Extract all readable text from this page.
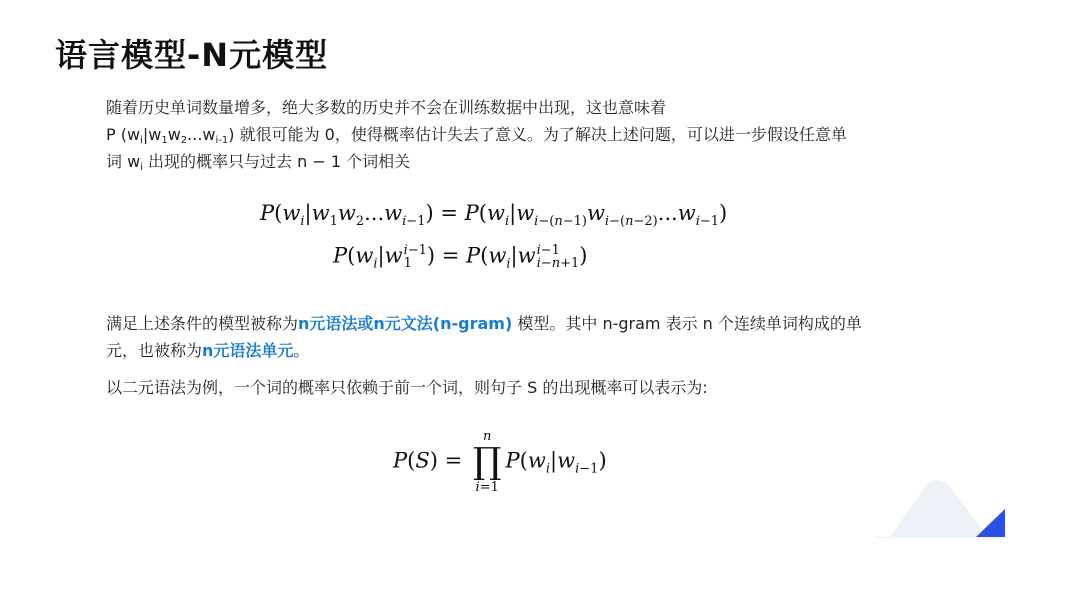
语言模型-N元模型
随着历史单词数量增多，绝大多数的历史并不会在训练数据中出现，这也意味着
P $(w_i|w_1w_2...w_{i-1})$ 就很可能为 0，使得概率估计失去了意义。为了解决上述问题，可以进一步假设任意单
词 $w_i$ 出现的概率只与过去 n − 1 个词相关
$P(w_i|w_1w_2...w_{i-1}) = P(w_i|w_{i-(n-1)}w_{i-(n-2)}...w_{i-1})$
$P(w_i|w$ i−1
1 ) = $P(w_i|w$ i−1
i−n+1 )
满足上述条件的模型被称为n元语法或n元文法(n-gram) 模型。其中 n-gram 表示 n 个连续单词构成的单
元，也被称为n元语法单元。
以二元语法为例，一个词的概率只依赖于前一个词，则句子 S 的出现概率可以表示为:
P(S) =
n
∏
i=1
$P(w_i|w_{i-1})$
